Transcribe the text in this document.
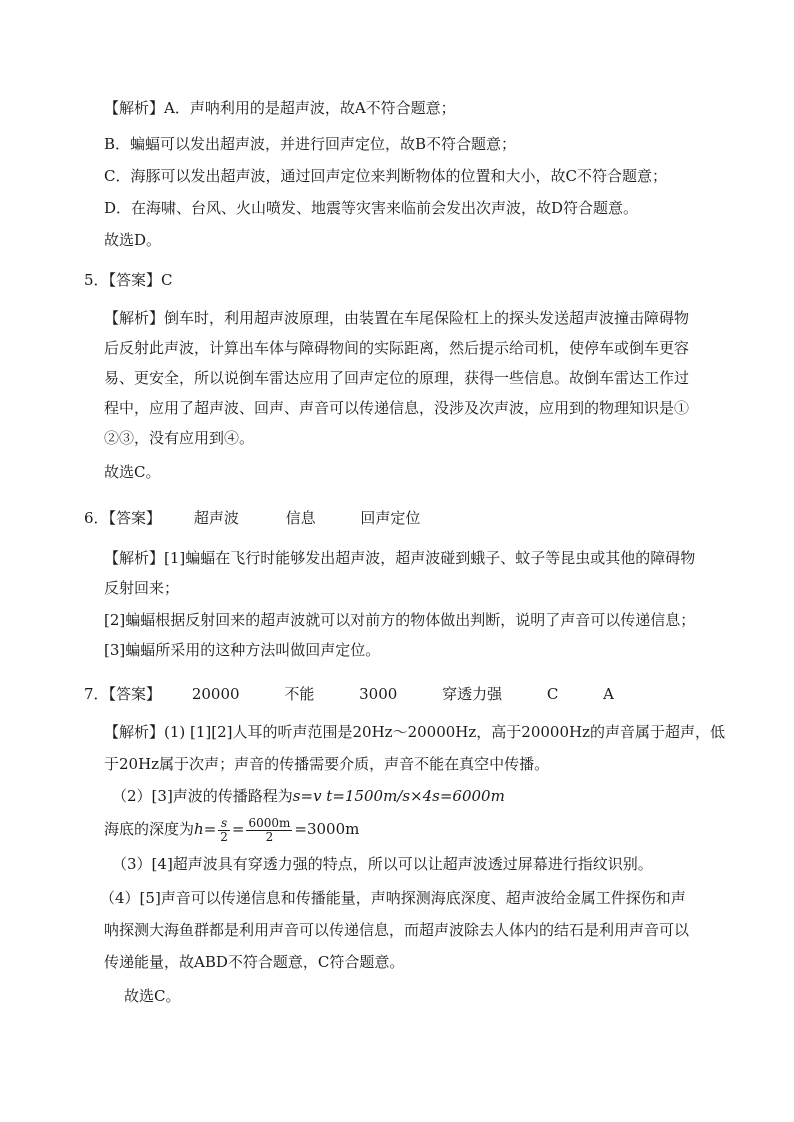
【解析】A．声呐利用的是超声波，故A不符合题意；
B．蝙蝠可以发出超声波，并进行回声定位，故B不符合题意；
C．海豚可以发出超声波，通过回声定位来判断物体的位置和大小，故C不符合题意；
D．在海啸、台风、火山喷发、地震等灾害来临前会发出次声波，故D符合题意。
故选D。
5．【答案】C
【解析】倒车时，利用超声波原理，由装置在车尾保险杠上的探头发送超声波撞击障碍物
后反射此声波，计算出车体与障碍物间的实际距离，然后提示给司机，使停车或倒车更容
易、更安全，所以说倒车雷达应用了回声定位的原理，获得一些信息。故倒车雷达工作过
程中，应用了超声波、回声、声音可以传递信息，没涉及次声波，应用到的物理知识是①
②③，没有应用到④。
故选C。
6．【答案】 超声波	信息	回声定位
【解析】[1]蝙蝠在飞行时能够发出超声波，超声波碰到蛾子、蚊子等昆虫或其他的障碍物
反射回来；
[2]蝙蝠根据反射回来的超声波就可以对前方的物体做出判断，说明了声音可以传递信息；
[3]蝙蝠所采用的这种方法叫做回声定位。
7．【答案】 20000	不能	3000	穿透力强	C	A
【解析】(1) [1][2]人耳的听声范围是20Hz～20000Hz，高于20000Hz的声音属于超声，低
于20Hz属于次声；声音的传播需要介质，声音不能在真空中传播。
（2）[3]声波的传播路程为s=v t=1500m/s×4s=6000m
海底的深度为$h= \frac{s}{2} = \frac{6000m}{2} =3000m$
（3）[4]超声波具有穿透力强的特点，所以可以让超声波透过屏幕进行指纹识别。
（4）[5]声音可以传递信息和传播能量，声呐探测海底深度、超声波给金属工件探伤和声
呐探测大海鱼群都是利用声音可以传递信息，而超声波除去人体内的结石是利用声音可以
传递能量，故ABD不符合题意，C符合题意。
故选C。
